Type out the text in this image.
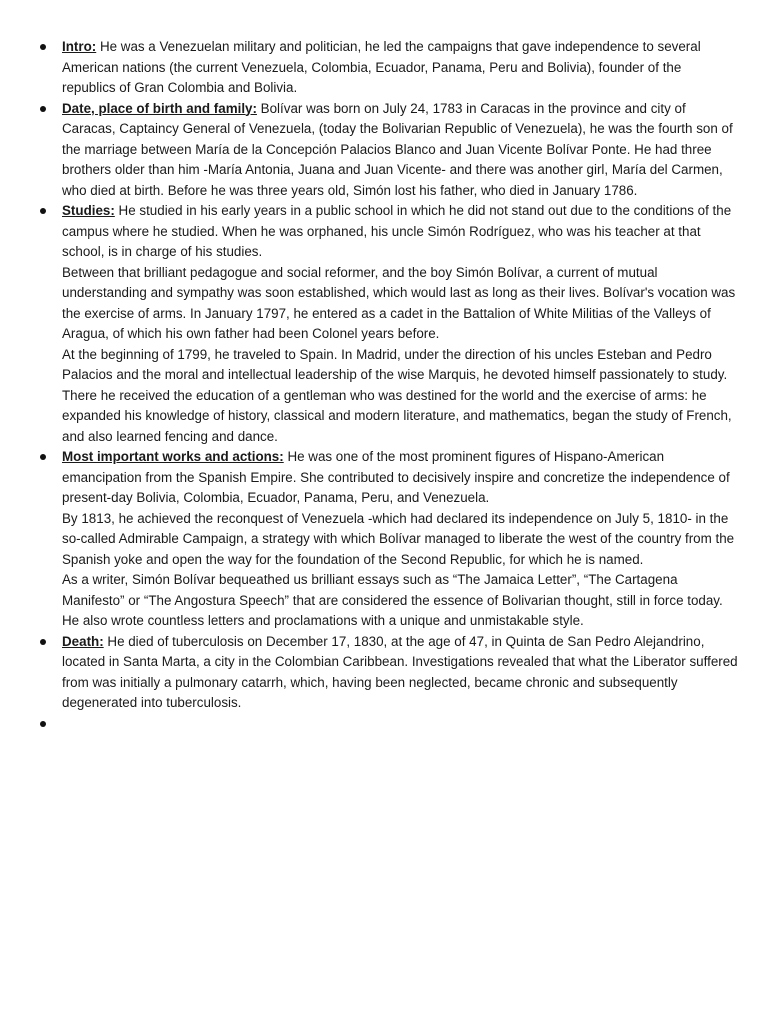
Intro: He was a Venezuelan military and politician, he led the campaigns that gave independence to several American nations (the current Venezuela, Colombia, Ecuador, Panama, Peru and Bolivia), founder of the republics of Gran Colombia and Bolivia.
Date, place of birth and family: Bolívar was born on July 24, 1783 in Caracas in the province and city of Caracas, Captaincy General of Venezuela, (today the Bolivarian Republic of Venezuela), he was the fourth son of the marriage between María de la Concepción Palacios Blanco and Juan Vicente Bolívar Ponte. He had three brothers older than him -María Antonia, Juana and Juan Vicente- and there was another girl, María del Carmen, who died at birth. Before he was three years old, Simón lost his father, who died in January 1786.
Studies: He studied in his early years in a public school in which he did not stand out due to the conditions of the campus where he studied. When he was orphaned, his uncle Simón Rodríguez, who was his teacher at that school, is in charge of his studies.
Between that brilliant pedagogue and social reformer, and the boy Simón Bolívar, a current of mutual understanding and sympathy was soon established, which would last as long as their lives. Bolívar's vocation was the exercise of arms. In January 1797, he entered as a cadet in the Battalion of White Militias of the Valleys of Aragua, of which his own father had been Colonel years before.
At the beginning of 1799, he traveled to Spain. In Madrid, under the direction of his uncles Esteban and Pedro Palacios and the moral and intellectual leadership of the wise Marquis, he devoted himself passionately to study. There he received the education of a gentleman who was destined for the world and the exercise of arms: he expanded his knowledge of history, classical and modern literature, and mathematics, began the study of French, and also learned fencing and dance.
Most important works and actions: He was one of the most prominent figures of Hispano-American emancipation from the Spanish Empire. She contributed to decisively inspire and concretize the independence of present-day Bolivia, Colombia, Ecuador, Panama, Peru, and Venezuela.
By 1813, he achieved the reconquest of Venezuela -which had declared its independence on July 5, 1810- in the so-called Admirable Campaign, a strategy with which Bolívar managed to liberate the west of the country from the Spanish yoke and open the way for the foundation of the Second Republic, for which he is named.
As a writer, Simón Bolívar bequeathed us brilliant essays such as “The Jamaica Letter”, “The Cartagena Manifesto” or “The Angostura Speech” that are considered the essence of Bolivarian thought, still in force today. He also wrote countless letters and proclamations with a unique and unmistakable style.
Death: He died of tuberculosis on December 17, 1830, at the age of 47, in Quinta de San Pedro Alejandrino, located in Santa Marta, a city in the Colombian Caribbean. Investigations revealed that what the Liberator suffered from was initially a pulmonary catarrh, which, having been neglected, became chronic and subsequently degenerated into tuberculosis.
